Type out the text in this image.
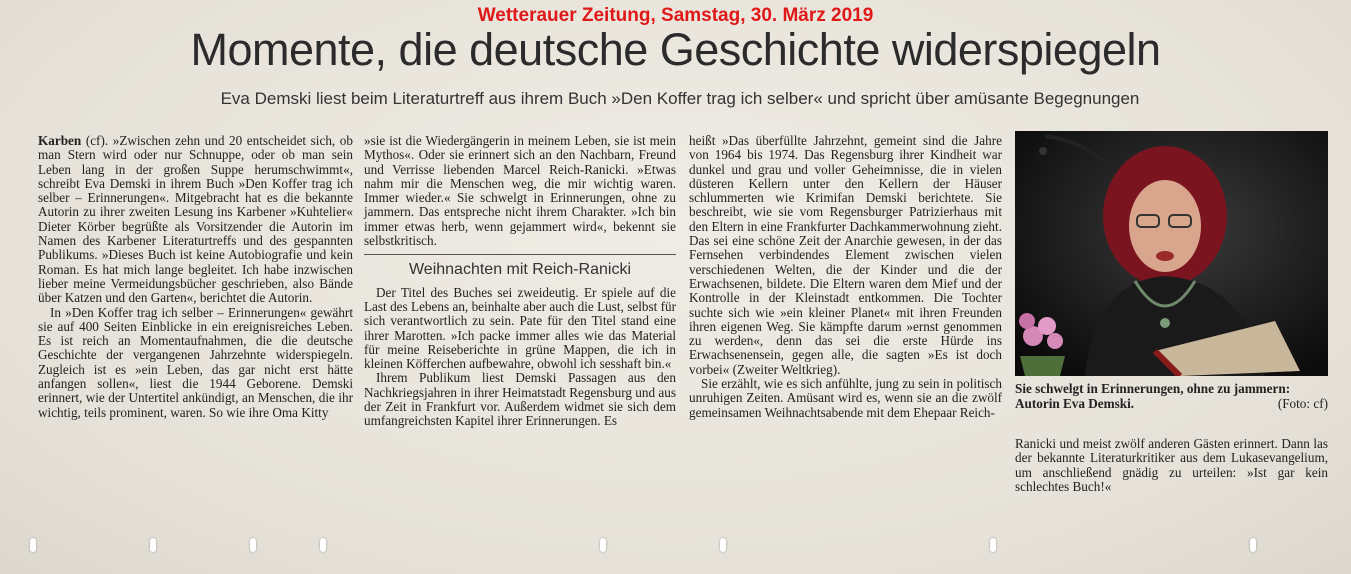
Wetterauer Zeitung, Samstag, 30. März 2019
Momente, die deutsche Geschichte widerspiegeln
Eva Demski liest beim Literaturtreff aus ihrem Buch »Den Koffer trag ich selber« und spricht über amüsante Begegnungen

Karben (cf). »Zwischen zehn und 20 entscheidet sich, ob man Stern wird oder nur Schnuppe, oder ob man sein Leben lang in der großen Suppe herumschwimmt«, schreibt Eva Demski in ihrem Buch »Den Koffer trag ich selber – Erinnerungen«. Mitgebracht hat es die bekannte Autorin zu ihrer zweiten Lesung ins Karbener »Kuhtelier« Dieter Körber begrüßte als Vorsitzender die Autorin im Namen des Karbener Literaturtreffs und des gespannten Publikums. »Dieses Buch ist keine Autobiografie und kein Roman. Es hat mich lange begleitet. Ich habe inzwischen lieber meine Vermeidungsbücher geschrieben, also Bände über Katzen und den Garten«, berichtet die Autorin.

In »Den Koffer trag ich selber – Erinnerungen« gewährt sie auf 400 Seiten Einblicke in ein ereignisreiches Leben. Es ist reich an Momentaufnahmen, die die deutsche Geschichte der vergangenen Jahrzehnte widerspiegeln. Zugleich ist es »ein Leben, das gar nicht erst hätte anfangen sollen«, liest die 1944 Geborene. Demski erinnert, wie der Untertitel ankündigt, an Menschen, die ihr wichtig, teils prominent, waren. So wie ihre Oma Kitty

»sie ist die Wiedergängerin in meinem Leben, sie ist mein Mythos«. Oder sie erinnert sich an den Nachbarn, Freund und Verrisse liebenden Marcel Reich-Ranicki. »Etwas nahm mir die Menschen weg, die mir wichtig waren. Immer wieder.« Sie schwelgt in Erinnerungen, ohne zu jammern. Das entspreche nicht ihrem Charakter. »Ich bin immer etwas herb, wenn gejammert wird«, bekennt sie selbstkritisch.

Weihnachten mit Reich-Ranicki

Der Titel des Buches sei zweideutig. Er spiele auf die Last des Lebens an, beinhalte aber auch die Lust, selbst für sich verantwortlich zu sein. Pate für den Titel stand eine ihrer Marotten. »Ich packe immer alles wie das Material für meine Reiseberichte in grüne Mappen, die ich in kleinen Köfferchen aufbewahre, obwohl ich sesshaft bin.«

Ihrem Publikum liest Demski Passagen aus den Nachkriegsjahren in ihrer Heimatstadt Regensburg und aus der Zeit in Frankfurt vor. Außerdem widmet sie sich dem umfangreichsten Kapitel ihrer Erinnerungen. Es

heißt »Das überfüllte Jahrzehnt, gemeint sind die Jahre von 1964 bis 1974. Das Regensburg ihrer Kindheit war dunkel und grau und voller Geheimnisse, die in vielen düsteren Kellern unter den Kellern der Häuser schlummerten wie Krimifan Demski berichtete. Sie beschreibt, wie sie vom Regensburger Patrizierhaus mit den Eltern in eine Frankfurter Dachkammerwohnung zieht. Das sei eine schöne Zeit der Anarchie gewesen, in der das Fernsehen verbindendes Element zwischen vielen verschiedenen Welten, die der Kinder und die der Erwachsenen, bildete. Die Eltern waren dem Mief und der Kontrolle in der Kleinstadt entkommen. Die Tochter suchte sich wie »ein kleiner Planet« mit ihren Freunden ihren eigenen Weg. Sie kämpfte darum »ernst genommen zu werden«, denn das sei die erste Hürde ins Erwachsenensein, gegen alle, die sagten »Es ist doch vorbei« (Zweiter Weltkrieg).

Sie erzählt, wie es sich anfühlte, jung zu sein in politisch unruhigen Zeiten. Amüsant wird es, wenn sie an die zwölf gemeinsamen Weihnachtsabende mit dem Ehepaar Reich-

Sie schwelgt in Erinnerungen, ohne zu jammern: Autorin Eva Demski.	(Foto: cf)

Ranicki und meist zwölf anderen Gästen erinnert. Dann las der bekannte Literaturkritiker aus dem Lukasevangelium, um anschließend gnädig zu urteilen: »Ist gar kein schlechtes Buch!«
